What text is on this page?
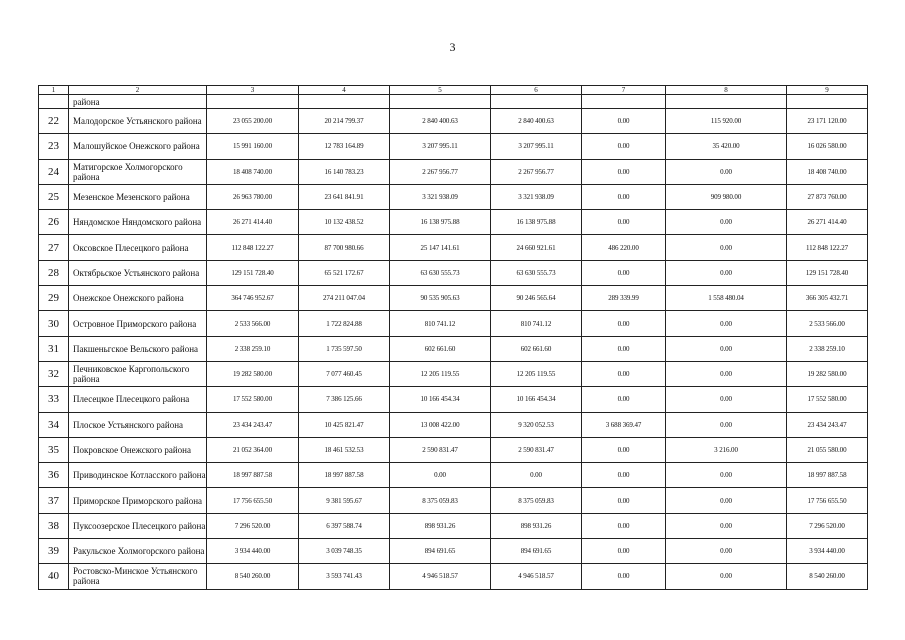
3
1	2	3	4	5	6	7	8	9
	района							
22	Малодорское Устьянского района	23 055 200.00	20 214 799.37	2 840 400.63	2 840 400.63	0.00	115 920.00	23 171 120.00
23	Малошуйское Онежского района	15 991 160.00	12 783 164.89	3 207 995.11	3 207 995.11	0.00	35 420.00	16 026 580.00
24	Матигорское Холмогорского района	18 408 740.00	16 140 783.23	2 267 956.77	2 267 956.77	0.00	0.00	18 408 740.00
25	Мезенское Мезенского района	26 963 780.00	23 641 841.91	3 321 938.09	3 321 938.09	0.00	909 980.00	27 873 760.00
26	Няндомское Няндомского района	26 271 414.40	10 132 438.52	16 138 975.88	16 138 975.88	0.00	0.00	26 271 414.40
27	Оксовское Плесецкого района	112 848 122.27	87 700 980.66	25 147 141.61	24 660 921.61	486 220.00	0.00	112 848 122.27
28	Октябрьское Устьянского района	129 151 728.40	65 521 172.67	63 630 555.73	63 630 555.73	0.00	0.00	129 151 728.40
29	Онежское Онежского района	364 746 952.67	274 211 047.04	90 535 905.63	90 246 565.64	289 339.99	1 558 480.04	366 305 432.71
30	Островное Приморского района	2 533 566.00	1 722 824.88	810 741.12	810 741.12	0.00	0.00	2 533 566.00
31	Пакшеньгское Вельского района	2 338 259.10	1 735 597.50	602 661.60	602 661.60	0.00	0.00	2 338 259.10
32	Печниковское Каргопольского района	19 282 580.00	7 077 460.45	12 205 119.55	12 205 119.55	0.00	0.00	19 282 580.00
33	Плесецкое Плесецкого района	17 552 580.00	7 386 125.66	10 166 454.34	10 166 454.34	0.00	0.00	17 552 580.00
34	Плоское Устьянского района	23 434 243.47	10 425 821.47	13 008 422.00	9 320 052.53	3 688 369.47	0.00	23 434 243.47
35	Покровское Онежского района	21 052 364.00	18 461 532.53	2 590 831.47	2 590 831.47	0.00	3 216.00	21 055 580.00
36	Приводинское Котласского района	18 997 887.58	18 997 887.58	0.00	0.00	0.00	0.00	18 997 887.58
37	Приморское Приморского района	17 756 655.50	9 381 595.67	8 375 059.83	8 375 059.83	0.00	0.00	17 756 655.50
38	Пуксоозерское Плесецкого района	7 296 520.00	6 397 588.74	898 931.26	898 931.26	0.00	0.00	7 296 520.00
39	Ракульское Холмогорского района	3 934 440.00	3 039 748.35	894 691.65	894 691.65	0.00	0.00	3 934 440.00
40	Ростовско-Минское Устьянского района	8 540 260.00	3 593 741.43	4 946 518.57	4 946 518.57	0.00	0.00	8 540 260.00
